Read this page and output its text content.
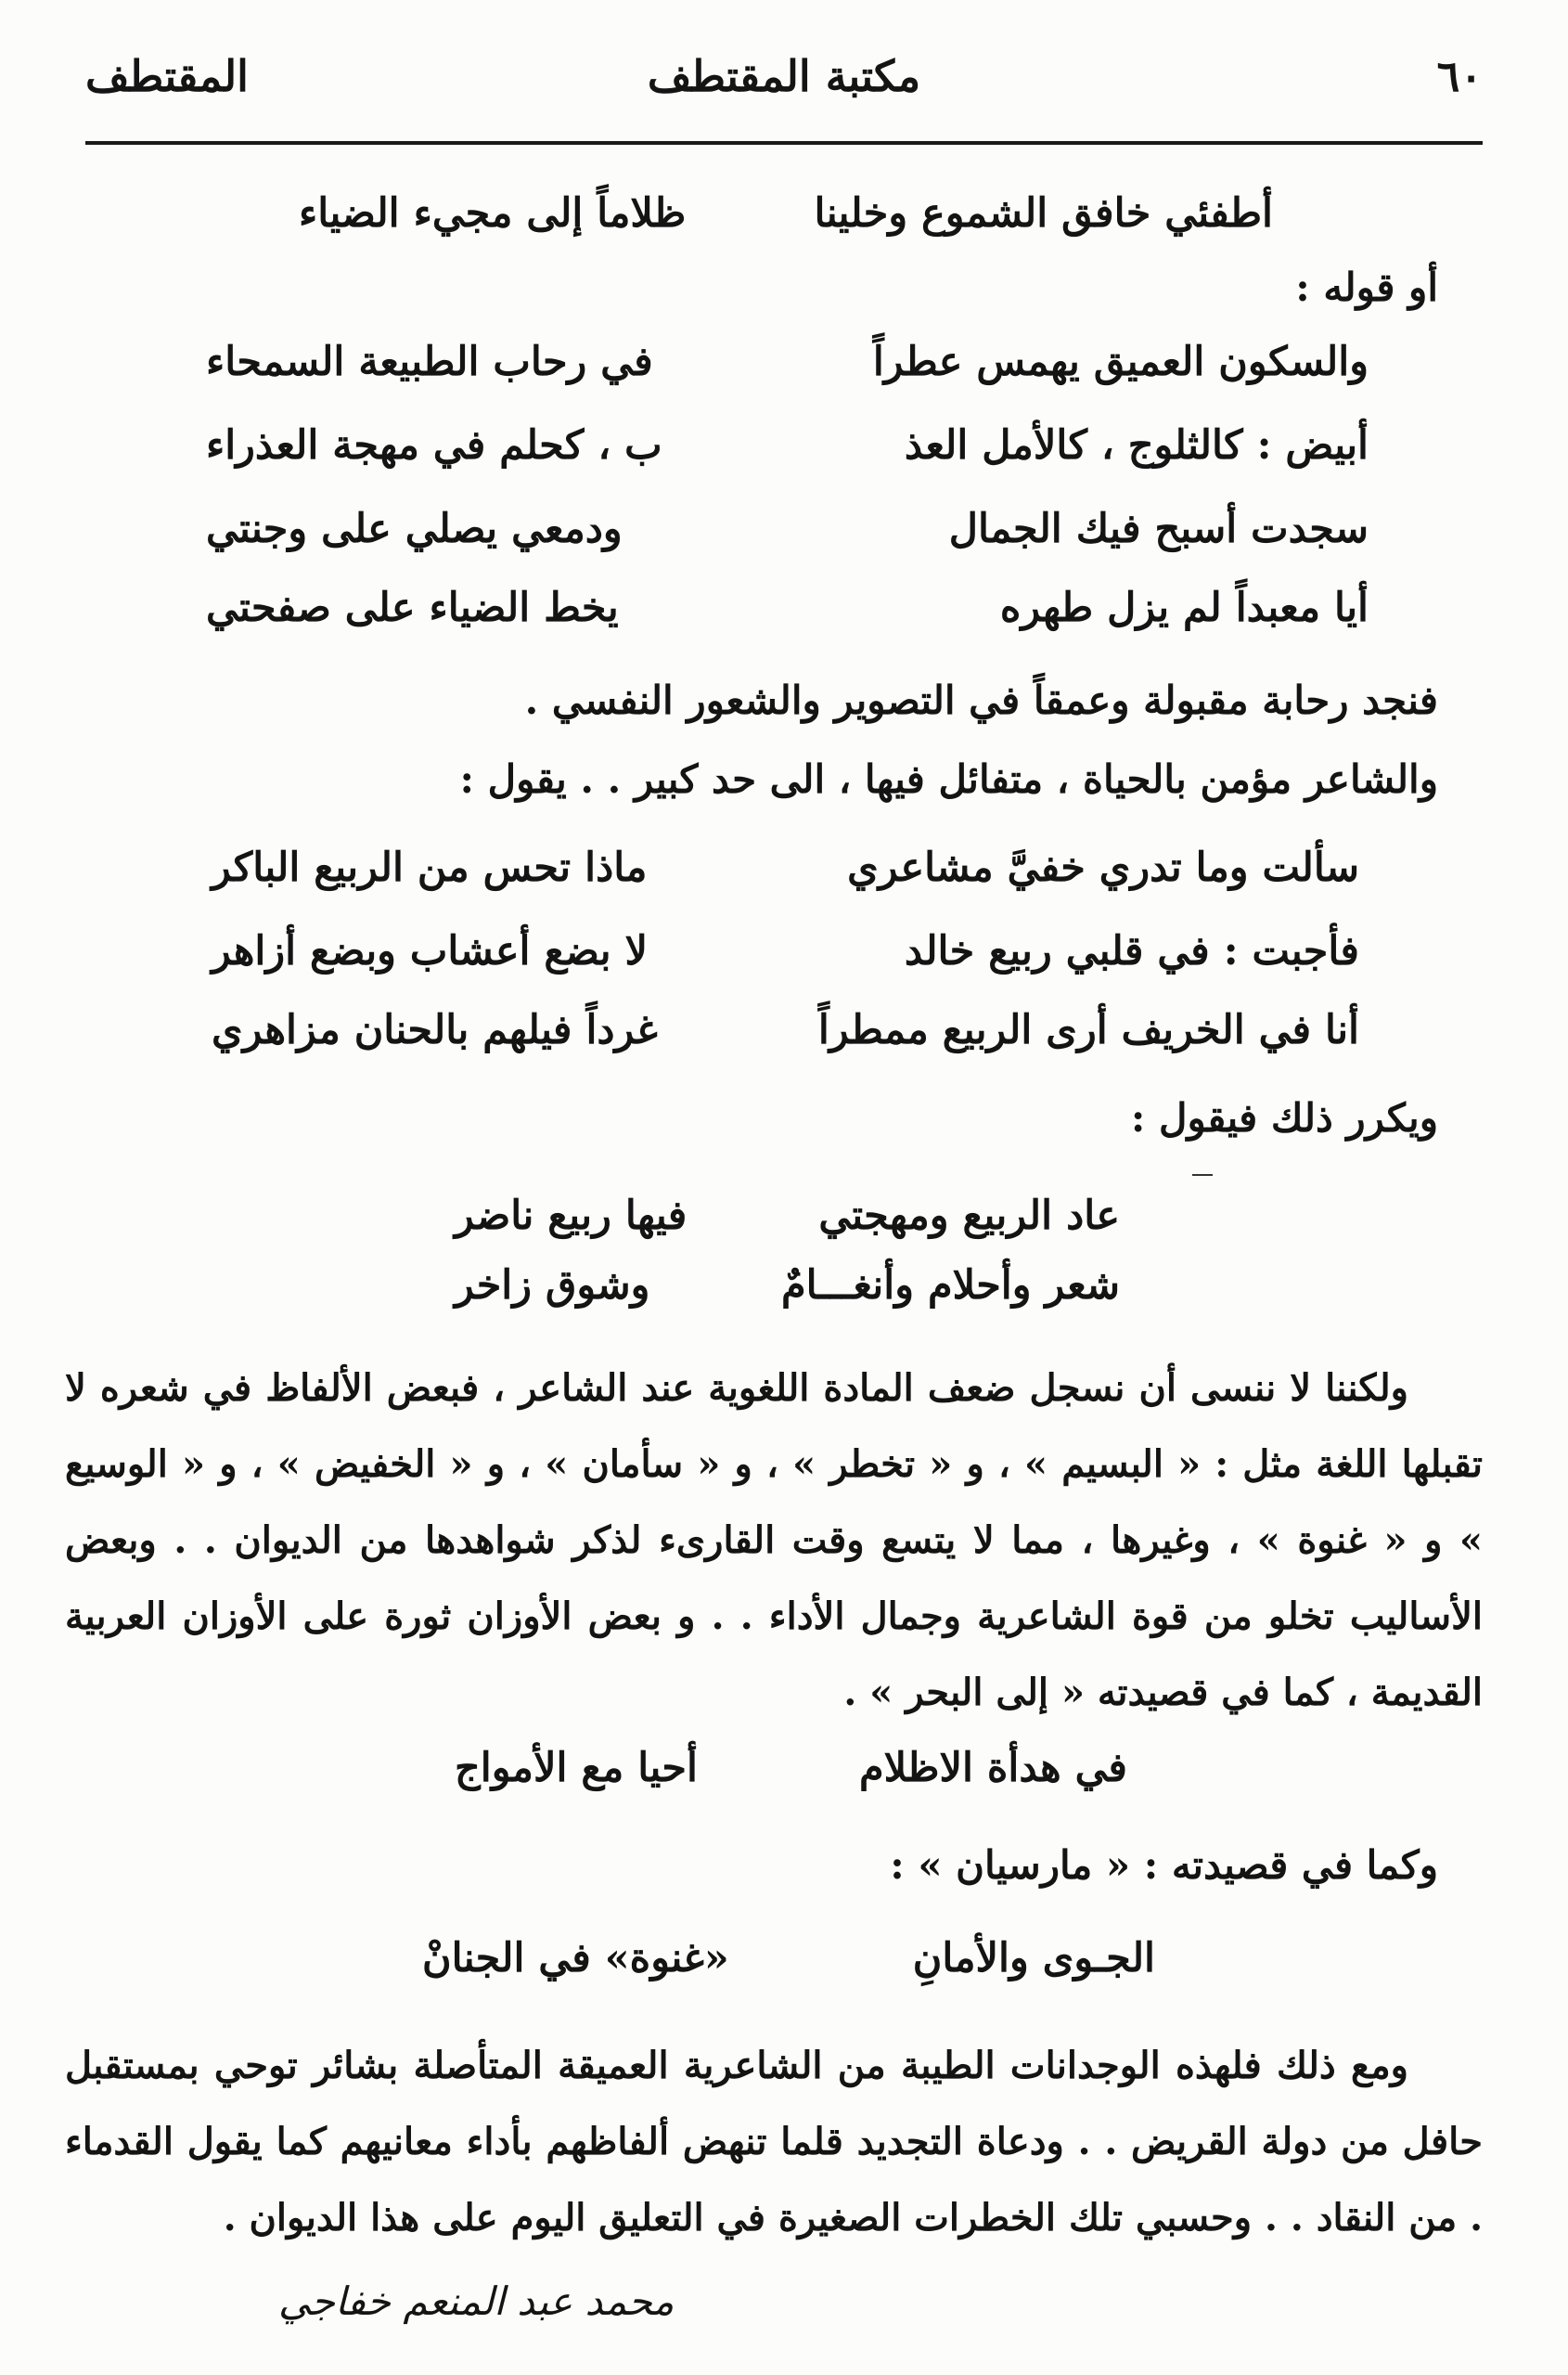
٦٠
مكتبة المقتطف
المقتطف
أطفئي خافق الشموع وخلينا
ظلاماً إلى مجيء الضياء
أو قوله :
والسكون العميق يهمس عطراً
في رحاب الطبيعة السمحاء
أبيض : كالثلوج ، كالأمل العذ
ب ، كحلم في مهجة العذراء
سجدت أسبح فيك الجمال
ودمعي يصلي على وجنتي
أيا معبداً لم يزل طهره
يخط الضياء على صفحتي
فنجد رحابة مقبولة وعمقاً في التصوير والشعور النفسي .
والشاعر مؤمن بالحياة ، متفائل فيها ، الى حد كبير . . يقول :
سألت وما تدري خفيَّ مشاعري
ماذا تحس من الربيع الباكر
فأجبت : في قلبي ربيع خالد
لا بضع أعشاب وبضع أزاهر
أنا في الخريف أرى الربيع ممطراً
غرداً فيلهم بالحنان مزاهري
ويكرر ذلك فيقول :
عاد الربيع ومهجتي
فيها ربيع ناضر
شعر وأحلام وأنغـــامٌ
وشوق زاخر
ولكننا لا ننسى أن نسجل ضعف المادة اللغوية عند الشاعر ، فبعض الألفاظ في شعره لا تقبلها اللغة مثل : « البسيم » ، و « تخطر » ، و « سأمان » ، و « الخفيض » ، و « الوسيع » و « غنوة » ، وغيرها ، مما لا يتسع وقت القارىء لذكر شواهدها من الديوان . . وبعض الأساليب تخلو من قوة الشاعرية وجمال الأداء . . و بعض الأوزان ثورة على الأوزان العربية القديمة ، كما في قصيدته « إلى البحر » .
في هدأة الاظلام
أحيا مع الأمواج
وكما في قصيدته : « مارسيان » :
الجـوى والأمانِ
«غنوة» في الجنانْ
ومع ذلك فلهذه الوجدانات الطيبة من الشاعرية العميقة المتأصلة بشائر توحي بمستقبل حافل من دولة القريض . . ودعاة التجديد قلما تنهض ألفاظهم بأداء معانيهم كما يقول القدماء . من النقاد . . وحسبي تلك الخطرات الصغيرة في التعليق اليوم على هذا الديوان .
محمد عبد المنعم خفاجي
